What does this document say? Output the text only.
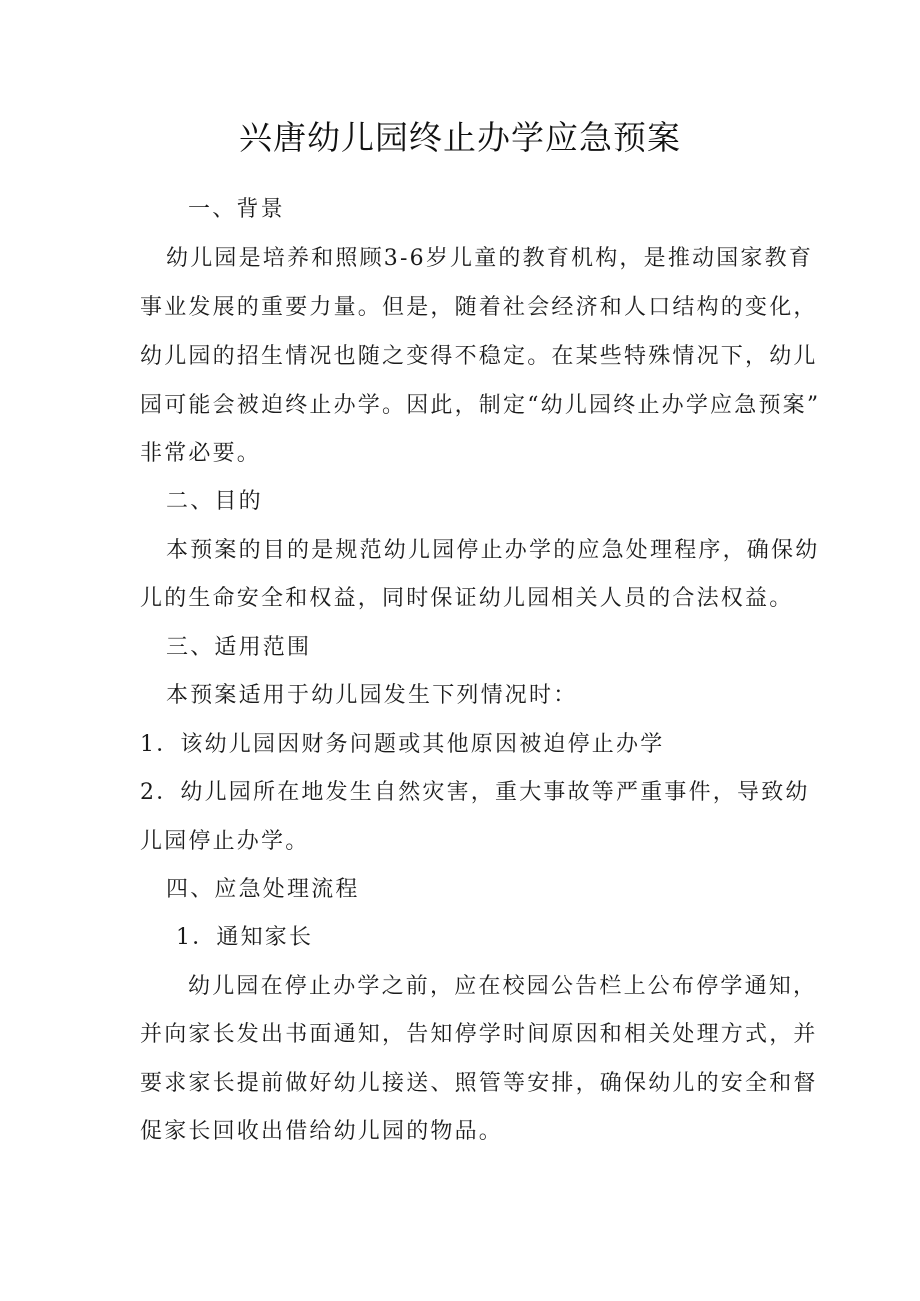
兴唐幼儿园终止办学应急预案
一、背景
幼儿园是培养和照顾3-6岁儿童的教育机构，是推动国家教育
事业发展的重要力量。但是，随着社会经济和人口结构的变化，
幼儿园的招生情况也随之变得不稳定。在某些特殊情况下，幼儿
园可能会被迫终止办学。因此，制定“幼儿园终止办学应急预案”
非常必要。
二、目的
本预案的目的是规范幼儿园停止办学的应急处理程序，确保幼
儿的生命安全和权益，同时保证幼儿园相关人员的合法权益。
三、适用范围
本预案适用于幼儿园发生下列情况时：
1．该幼儿园因财务问题或其他原因被迫停止办学
2．幼儿园所在地发生自然灾害，重大事故等严重事件，导致幼
儿园停止办学。
四、应急处理流程
1．通知家长
幼儿园在停止办学之前，应在校园公告栏上公布停学通知，
并向家长发出书面通知，告知停学时间原因和相关处理方式，并
要求家长提前做好幼儿接送、照管等安排，确保幼儿的安全和督
促家长回收出借给幼儿园的物品。
